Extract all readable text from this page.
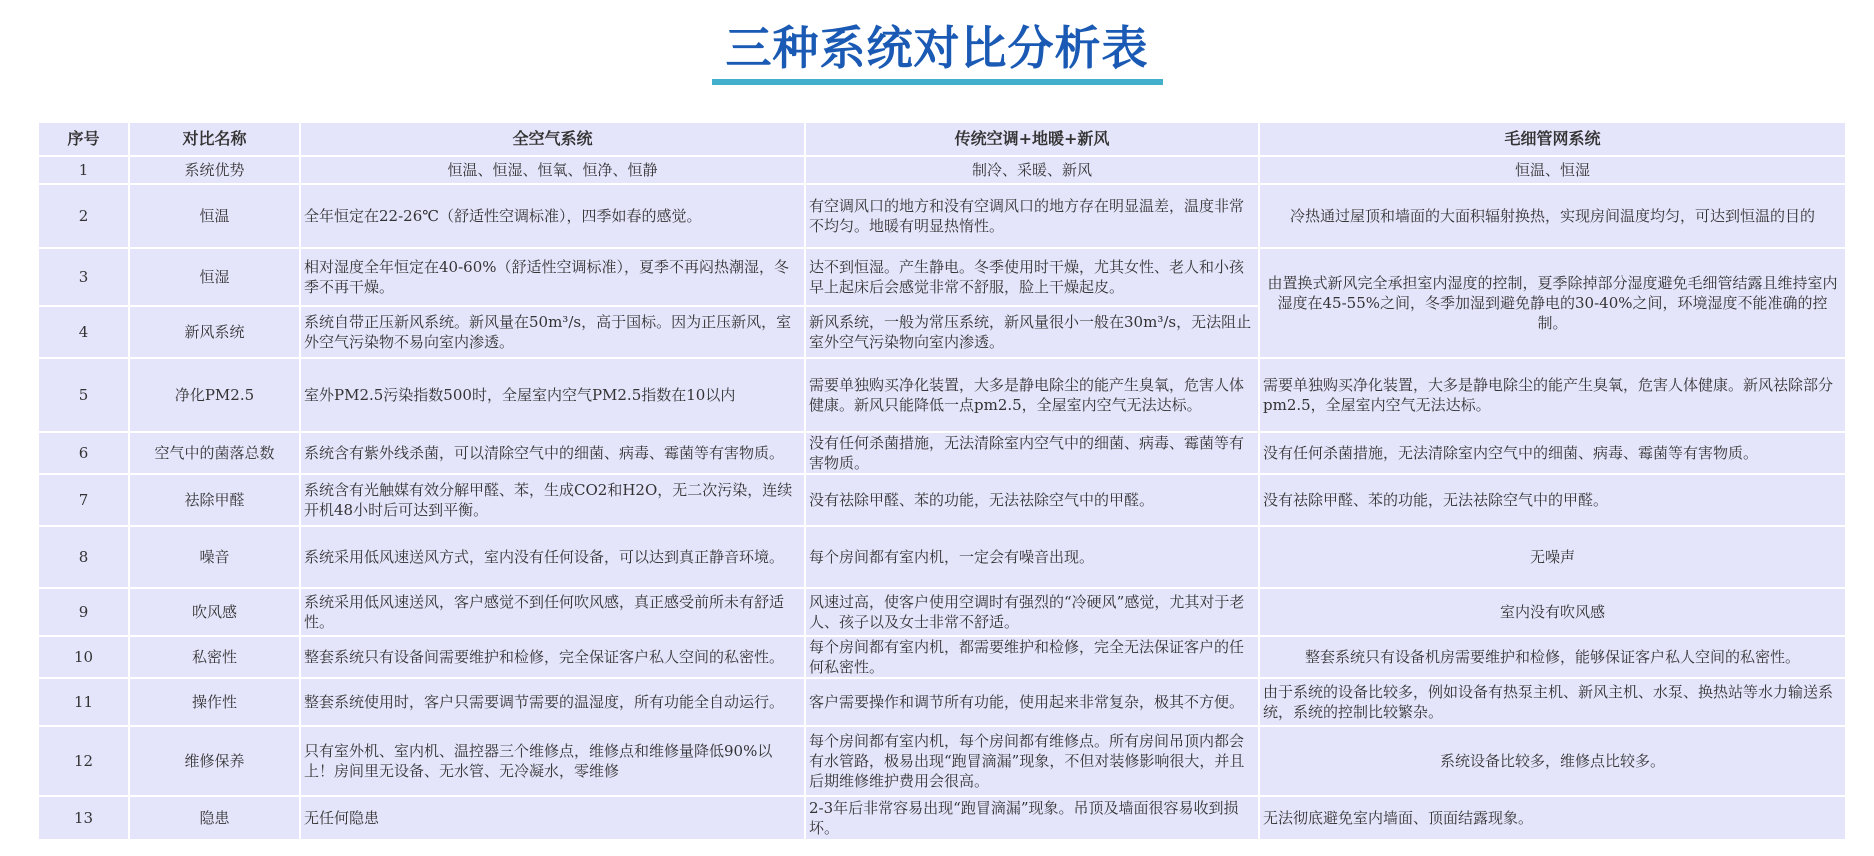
三种系统对比分析表
序号	对比名称	全空气系统	传统空调+地暖+新风	毛细管网系统
1	系统优势	恒温、恒湿、恒氧、恒净、恒静	制冷、采暖、新风	恒温、恒湿
2	恒温	全年恒定在22-26℃（舒适性空调标准），四季如春的感觉。	有空调风口的地方和没有空调风口的地方存在明显温差，温度非常不均匀。地暖有明显热惰性。	冷热通过屋顶和墙面的大面积辐射换热，实现房间温度均匀，可达到恒温的目的
3	恒湿	相对湿度全年恒定在40-60%（舒适性空调标准），夏季不再闷热潮湿，冬季不再干燥。	达不到恒湿。产生静电。冬季使用时干燥，尤其女性、老人和小孩早上起床后会感觉非常不舒服，脸上干燥起皮。	由置换式新风完全承担室内湿度的控制，夏季除掉部分湿度避免毛细管结露且维持室内湿度在45-55%之间，冬季加湿到避免静电的30-40%之间，环境湿度不能准确的控制。
4	新风系统	系统自带正压新风系统。新风量在50m³/s，高于国标。因为正压新风，室外空气污染物不易向室内渗透。	新风系统，一般为常压系统，新风量很小一般在30m³/s，无法阻止室外空气污染物向室内渗透。	
5	净化PM2.5	室外PM2.5污染指数500时，全屋室内空气PM2.5指数在10以内	需要单独购买净化装置，大多是静电除尘的能产生臭氧，危害人体健康。新风只能降低一点pm2.5，全屋室内空气无法达标。	需要单独购买净化装置，大多是静电除尘的能产生臭氧，危害人体健康。新风祛除部分pm2.5，全屋室内空气无法达标。
6	空气中的菌落总数	系统含有紫外线杀菌，可以清除空气中的细菌、病毒、霉菌等有害物质。	没有任何杀菌措施，无法清除室内空气中的细菌、病毒、霉菌等有害物质。	没有任何杀菌措施，无法清除室内空气中的细菌、病毒、霉菌等有害物质。
7	祛除甲醛	系统含有光触媒有效分解甲醛、苯，生成CO2和H2O，无二次污染，连续开机48小时后可达到平衡。	没有祛除甲醛、苯的功能，无法祛除空气中的甲醛。	没有祛除甲醛、苯的功能，无法祛除空气中的甲醛。
8	噪音	系统采用低风速送风方式，室内没有任何设备，可以达到真正静音环境。	每个房间都有室内机，一定会有噪音出现。	无噪声
9	吹风感	系统采用低风速送风，客户感觉不到任何吹风感，真正感受前所未有舒适性。	风速过高，使客户使用空调时有强烈的“冷硬风”感觉，尤其对于老人、孩子以及女士非常不舒适。	室内没有吹风感
10	私密性	整套系统只有设备间需要维护和检修，完全保证客户私人空间的私密性。	每个房间都有室内机，都需要维护和检修，完全无法保证客户的任何私密性。	整套系统只有设备机房需要维护和检修，能够保证客户私人空间的私密性。
11	操作性	整套系统使用时，客户只需要调节需要的温湿度，所有功能全自动运行。	客户需要操作和调节所有功能，使用起来非常复杂，极其不方便。	由于系统的设备比较多，例如设备有热泵主机、新风主机、水泵、换热站等水力输送系统，系统的控制比较繁杂。
12	维修保养	只有室外机、室内机、温控器三个维修点，维修点和维修量降低90%以上！房间里无设备、无水管、无冷凝水，零维修	每个房间都有室内机，每个房间都有维修点。所有房间吊顶内都会有水管路，极易出现“跑冒滴漏”现象，不但对装修影响很大，并且后期维修维护费用会很高。	系统设备比较多，维修点比较多。
13	隐患	无任何隐患	2-3年后非常容易出现“跑冒滴漏”现象。吊顶及墙面很容易收到损坏。	无法彻底避免室内墙面、顶面结露现象。
